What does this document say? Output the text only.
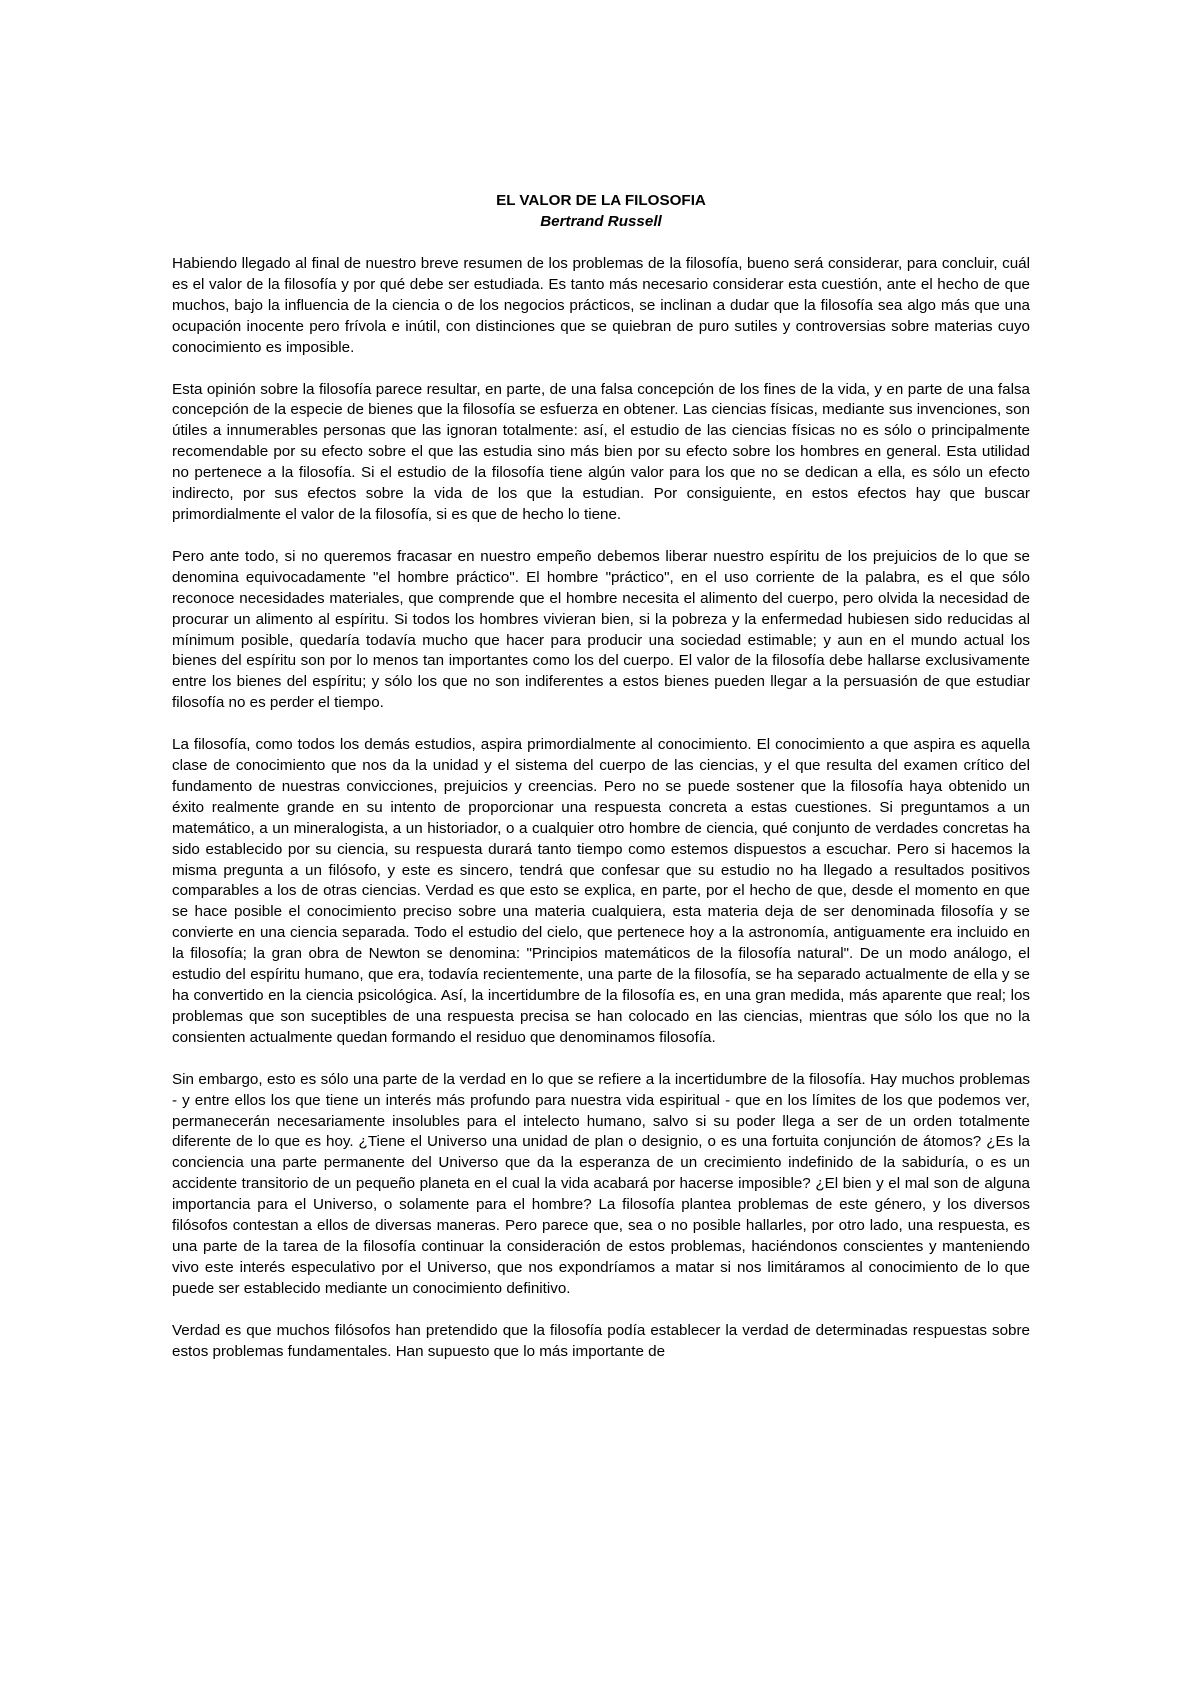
EL VALOR DE LA FILOSOFIA

Bertrand Russell

Habiendo llegado al final de nuestro breve resumen de los problemas de la filosofía, bueno será considerar, para concluir, cuál es el valor de la filosofía y por qué debe ser estudiada. Es tanto más necesario considerar esta cuestión, ante el hecho de que muchos, bajo la influencia de la ciencia o de los negocios prácticos, se inclinan a dudar que la filosofía sea algo más que una ocupación inocente pero frívola e inútil, con distinciones que se quiebran de puro sutiles y controversias sobre materias cuyo conocimiento es imposible.

Esta opinión sobre la filosofía parece resultar, en parte, de una falsa concepción de los fines de la vida, y en parte de una falsa concepción de la especie de bienes que la filosofía se esfuerza en obtener. Las ciencias físicas, mediante sus invenciones, son útiles a innumerables personas que las ignoran totalmente: así, el estudio de las ciencias físicas no es sólo o principalmente recomendable por su efecto sobre el que las estudia sino más bien por su efecto sobre los hombres en general. Esta utilidad no pertenece a la filosofía. Si el estudio de la filosofía tiene algún valor para los que no se dedican a ella, es sólo un efecto indirecto, por sus efectos sobre la vida de los que la estudian. Por consiguiente, en estos efectos hay que buscar primordialmente el valor de la filosofía, si es que de hecho lo tiene.

Pero ante todo, si no queremos fracasar en nuestro empeño debemos liberar nuestro espíritu de los prejuicios de lo que se denomina equivocadamente "el hombre práctico". El hombre "práctico", en el uso corriente de la palabra, es el que sólo reconoce necesidades materiales, que comprende que el hombre necesita el alimento del cuerpo, pero olvida la necesidad de procurar un alimento al espíritu. Si todos los hombres vivieran bien, si la pobreza y la enfermedad hubiesen sido reducidas al mínimum posible, quedaría todavía mucho que hacer para producir una sociedad estimable; y aun en el mundo actual los bienes del espíritu son por lo menos tan importantes como los del cuerpo. El valor de la filosofía debe hallarse exclusivamente entre los bienes del espíritu; y sólo los que no son indiferentes a estos bienes pueden llegar a la persuasión de que estudiar filosofía no es perder el tiempo.

La filosofía, como todos los demás estudios, aspira primordialmente al conocimiento. El conocimiento a que aspira es aquella clase de conocimiento que nos da la unidad y el sistema del cuerpo de las ciencias, y el que resulta del examen crítico del fundamento de nuestras convicciones, prejuicios y creencias. Pero no se puede sostener que la filosofía haya obtenido un éxito realmente grande en su intento de proporcionar una respuesta concreta a estas cuestiones. Si preguntamos a un matemático, a un mineralogista, a un historiador, o a cualquier otro hombre de ciencia, qué conjunto de verdades concretas ha sido establecido por su ciencia, su respuesta durará tanto tiempo como estemos dispuestos a escuchar. Pero si hacemos la misma pregunta a un filósofo, y este es sincero, tendrá que confesar que su estudio no ha llegado a resultados positivos comparables a los de otras ciencias. Verdad es que esto se explica, en parte, por el hecho de que, desde el momento en que se hace posible el conocimiento preciso sobre una materia cualquiera, esta materia deja de ser denominada filosofía y se convierte en una ciencia separada. Todo el estudio del cielo, que pertenece hoy a la astronomía, antiguamente era incluido en la filosofía; la gran obra de Newton se denomina: "Principios matemáticos de la filosofía natural". De un modo análogo, el estudio del espíritu humano, que era, todavía recientemente, una parte de la filosofía, se ha separado actualmente de ella y se ha convertido en la ciencia psicológica. Así, la incertidumbre de la filosofía es, en una gran medida, más aparente que real; los problemas que son suceptibles de una respuesta precisa se han colocado en las ciencias, mientras que sólo los que no la consienten actualmente quedan formando el residuo que denominamos filosofía.

Sin embargo, esto es sólo una parte de la verdad en lo que se refiere a la incertidumbre de la filosofía. Hay muchos problemas - y entre ellos los que tiene un interés más profundo para nuestra vida espiritual - que en los límites de los que podemos ver, permanecerán necesariamente insolubles para el intelecto humano, salvo si su poder llega a ser de un orden totalmente diferente de lo que es hoy. ¿Tiene el Universo una unidad de plan o designio, o es una fortuita conjunción de átomos? ¿Es la conciencia una parte permanente del Universo que da la esperanza de un crecimiento indefinido de la sabiduría, o es un accidente transitorio de un pequeño planeta en el cual la vida acabará por hacerse imposible? ¿El bien y el mal son de alguna importancia para el Universo, o solamente para el hombre? La filosofía plantea problemas de este género, y los diversos filósofos contestan a ellos de diversas maneras. Pero parece que, sea o no posible hallarles, por otro lado, una respuesta, es una parte de la tarea de la filosofía continuar la consideración de estos problemas, haciéndonos conscientes y manteniendo vivo este interés especulativo por el Universo, que nos expondríamos a matar si nos limitáramos al conocimiento de lo que puede ser establecido mediante un conocimiento definitivo.

Verdad es que muchos filósofos han pretendido que la filosofía podía establecer la verdad de determinadas respuestas sobre estos problemas fundamentales. Han supuesto que lo más importante de
